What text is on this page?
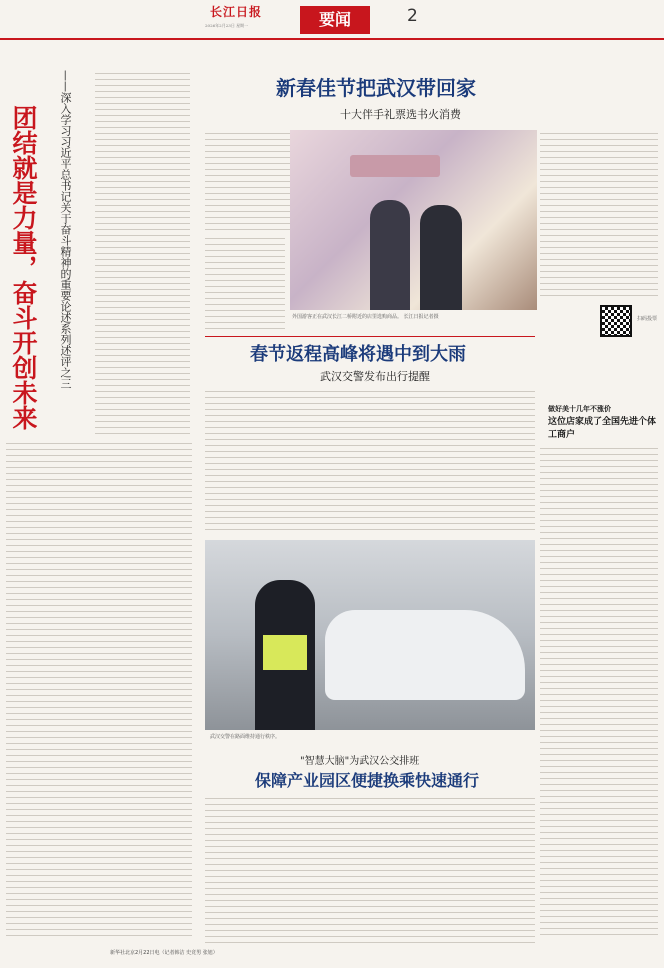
长江日报
2026年2月23日 星期一	要闻	2
——深入学习习近平总书记关于奋斗精神的重要论述系列述评之三
团结就是力量，奋斗开创未来
新春佳节把武汉带回家
十大伴手礼票选书火消费
外国游客正在武汉长江二桥附近的店里选购商品。 长江日报记者摄	扫码投票
春节返程高峰将遇中到大雨
武汉交警发布出行提醒
武汉交警在路面维持通行秩序。
做好美十几年不涨价
这位店家成了全国先进个体工商户
"智慧大脑"为武汉公交排班
保障产业园区便捷换乘快速通行
新华社北京2月22日电（记者韩洁 史竞男 张旭）
